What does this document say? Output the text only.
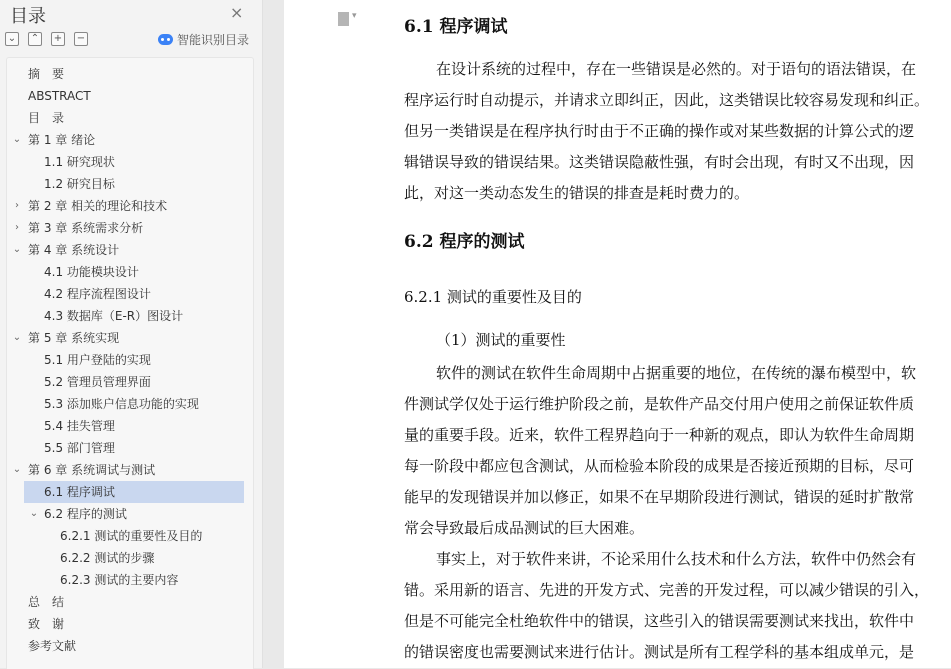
目录	×
⌄ ⌃ + −	智能识别目录
摘　要
ABSTRACT
目　录
⌄ 第 1 章 绪论
1.1 研究现状
1.2 研究目标
› 第 2 章 相关的理论和技术
› 第 3 章 系统需求分析
⌄ 第 4 章 系统设计
4.1 功能模块设计
4.2 程序流程图设计
4.3 数据库（E-R）图设计
⌄ 第 5 章 系统实现
5.1 用户登陆的实现
5.2 管理员管理界面
5.3 添加账户信息功能的实现
5.4 挂失管理
5.5 部门管理
⌄ 第 6 章 系统调试与测试
6.1 程序调试
⌄ 6.2 程序的测试
6.2.1 测试的重要性及目的
6.2.2 测试的步骤
6.2.3 测试的主要内容
总　结
致　谢
参考文献
▾
6.1 程序调试
在设计系统的过程中，存在一些错误是必然的。对于语句的语法错误，在
程序运行时自动提示，并请求立即纠正，因此，这类错误比较容易发现和纠正。
但另一类错误是在程序执行时由于不正确的操作或对某些数据的计算公式的逻
辑错误导致的错误结果。这类错误隐蔽性强，有时会出现，有时又不出现，因
此，对这一类动态发生的错误的排查是耗时费力的。
6.2 程序的测试
6.2.1 测试的重要性及目的
（1）测试的重要性
软件的测试在软件生命周期中占据重要的地位，在传统的瀑布模型中，软
件测试学仅处于运行维护阶段之前，是软件产品交付用户使用之前保证软件质
量的重要手段。近来，软件工程界趋向于一种新的观点，即认为软件生命周期
每一阶段中都应包含测试，从而检验本阶段的成果是否接近预期的目标，尽可
能早的发现错误并加以修正，如果不在早期阶段进行测试，错误的延时扩散常
常会导致最后成品测试的巨大困难。
事实上，对于软件来讲，不论采用什么技术和什么方法，软件中仍然会有
错。采用新的语言、先进的开发方式、完善的开发过程，可以减少错误的引入，
但是不可能完全杜绝软件中的错误，这些引入的错误需要测试来找出，软件中
的错误密度也需要测试来进行估计。测试是所有工程学科的基本组成单元，是
